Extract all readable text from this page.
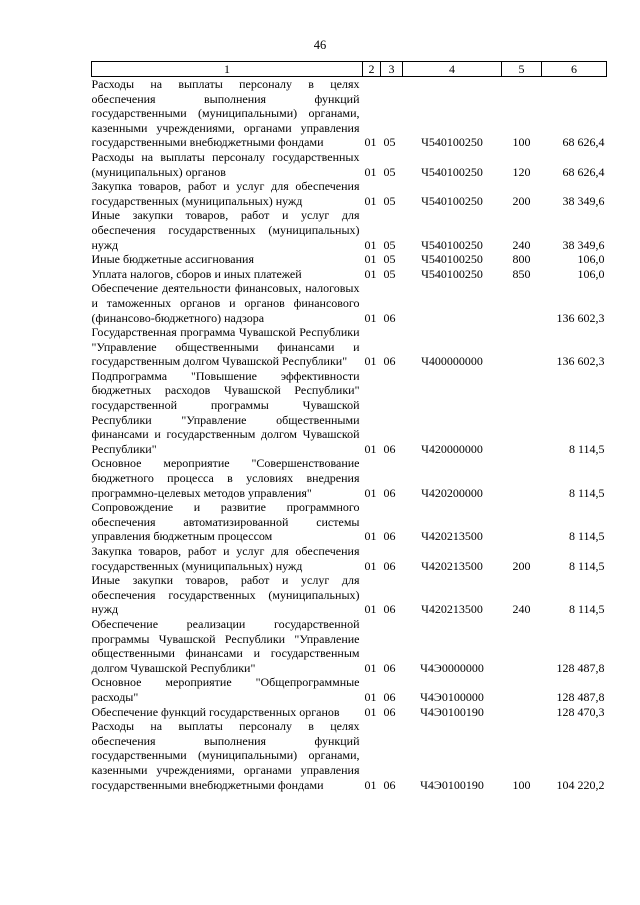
46
1	2	3	4	5	6
Расходы на выплаты персоналу в целях обеспечения выполнения функций государственными (муниципальными) органами, казенными учреждениями, органами управления государственными внебюджетными фондами	01	05	Ч540100250	100	68 626,4
Расходы на выплаты персоналу государственных (муниципальных) органов	01	05	Ч540100250	120	68 626,4
Закупка товаров, работ и услуг для обеспечения государственных (муниципальных) нужд	01	05	Ч540100250	200	38 349,6
Иные закупки товаров, работ и услуг для обеспечения государственных (муниципальных) нужд	01	05	Ч540100250	240	38 349,6
Иные бюджетные ассигнования	01	05	Ч540100250	800	106,0
Уплата налогов, сборов и иных платежей	01	05	Ч540100250	850	106,0
Обеспечение деятельности финансовых, налоговых и таможенных органов и органов финансового (финансово-бюджетного) надзора	01	06			136 602,3
Государственная программа Чувашской Республики "Управление общественными финансами и государственным долгом Чувашской Республики"	01	06	Ч400000000		136 602,3
Подпрограмма "Повышение эффективности бюджетных расходов Чувашской Республики" государственной программы Чувашской Республики "Управление общественными финансами и государственным долгом Чувашской Республики"	01	06	Ч420000000		8 114,5
Основное мероприятие "Совершенствование бюджетного процесса в условиях внедрения программно-целевых методов управления"	01	06	Ч420200000		8 114,5
Сопровождение и развитие программного обеспечения автоматизированной системы управления бюджетным процессом	01	06	Ч420213500		8 114,5
Закупка товаров, работ и услуг для обеспечения государственных (муниципальных) нужд	01	06	Ч420213500	200	8 114,5
Иные закупки товаров, работ и услуг для обеспечения государственных (муниципальных) нужд	01	06	Ч420213500	240	8 114,5
Обеспечение реализации государственной программы Чувашской Республики "Управление общественными финансами и государственным долгом Чувашской Республики"	01	06	Ч4Э0000000		128 487,8
Основное мероприятие "Общепрограммные расходы"	01	06	Ч4Э0100000		128 487,8
Обеспечение функций государственных органов	01	06	Ч4Э0100190		128 470,3
Расходы на выплаты персоналу в целях обеспечения выполнения функций государственными (муниципальными) органами, казенными учреждениями, органами управления государственными внебюджетными фондами	01	06	Ч4Э0100190	100	104 220,2
